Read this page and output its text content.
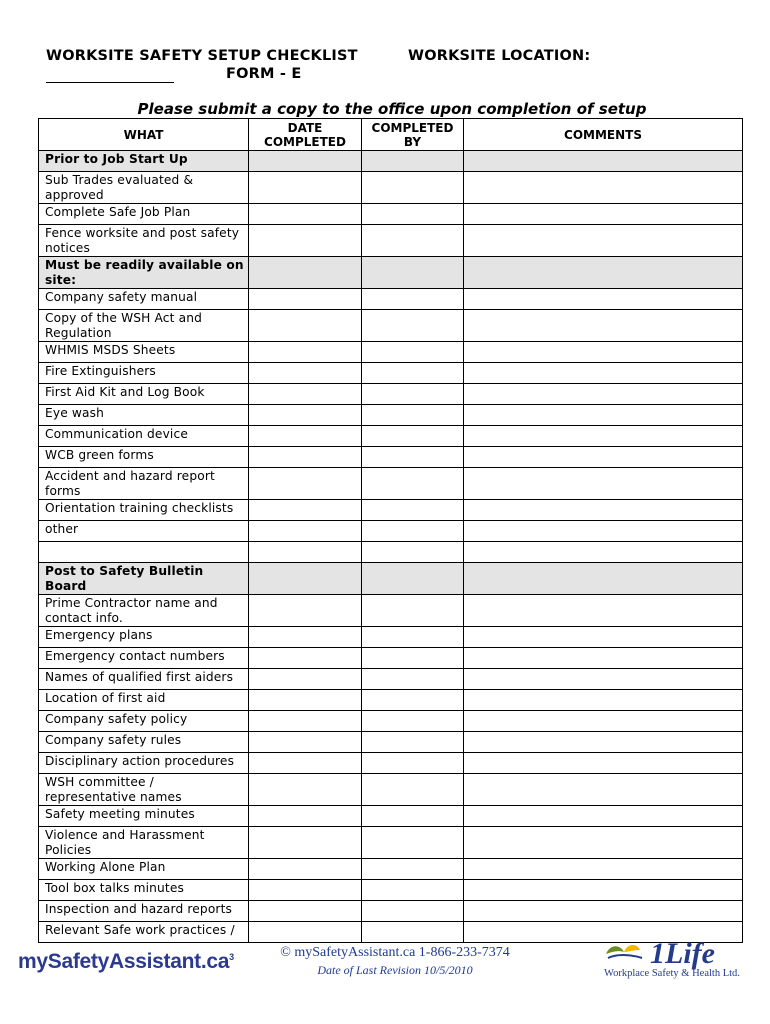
WORKSITE SAFETY SETUP CHECKLIST	WORKSITE LOCATION:
FORM - E
Please submit a copy to the office upon completion of setup
WHAT	DATE COMPLETED	COMPLETED BY	COMMENTS
Prior to Job Start Up			
Sub Trades evaluated & approved			
Complete Safe Job Plan			
Fence worksite and post safety notices			
Must be readily available on site:			
Company safety manual			
Copy of the WSH Act and Regulation			
WHMIS MSDS Sheets			
Fire Extinguishers			
First Aid Kit and Log Book			
Eye wash			
Communication device			
WCB green forms			
Accident and hazard report forms			
Orientation training checklists			
other			

Post to Safety Bulletin Board			
Prime Contractor name and contact info.			
Emergency plans			
Emergency contact numbers			
Names of qualified first aiders			
Location of first aid			
Company safety policy			
Company safety rules			
Disciplinary action procedures			
WSH committee / representative names			
Safety meeting minutes			
Violence and Harassment Policies			
Working Alone Plan			
Tool box talks minutes			
Inspection and hazard reports			
Relevant Safe work practices /			
$mySafetyAssistant.ca^3$	© mySafetyAssistant.ca 1-866-233-7374
Date of Last Revision 10/5/2010	1Life
Workplace Safety & Health Ltd.
